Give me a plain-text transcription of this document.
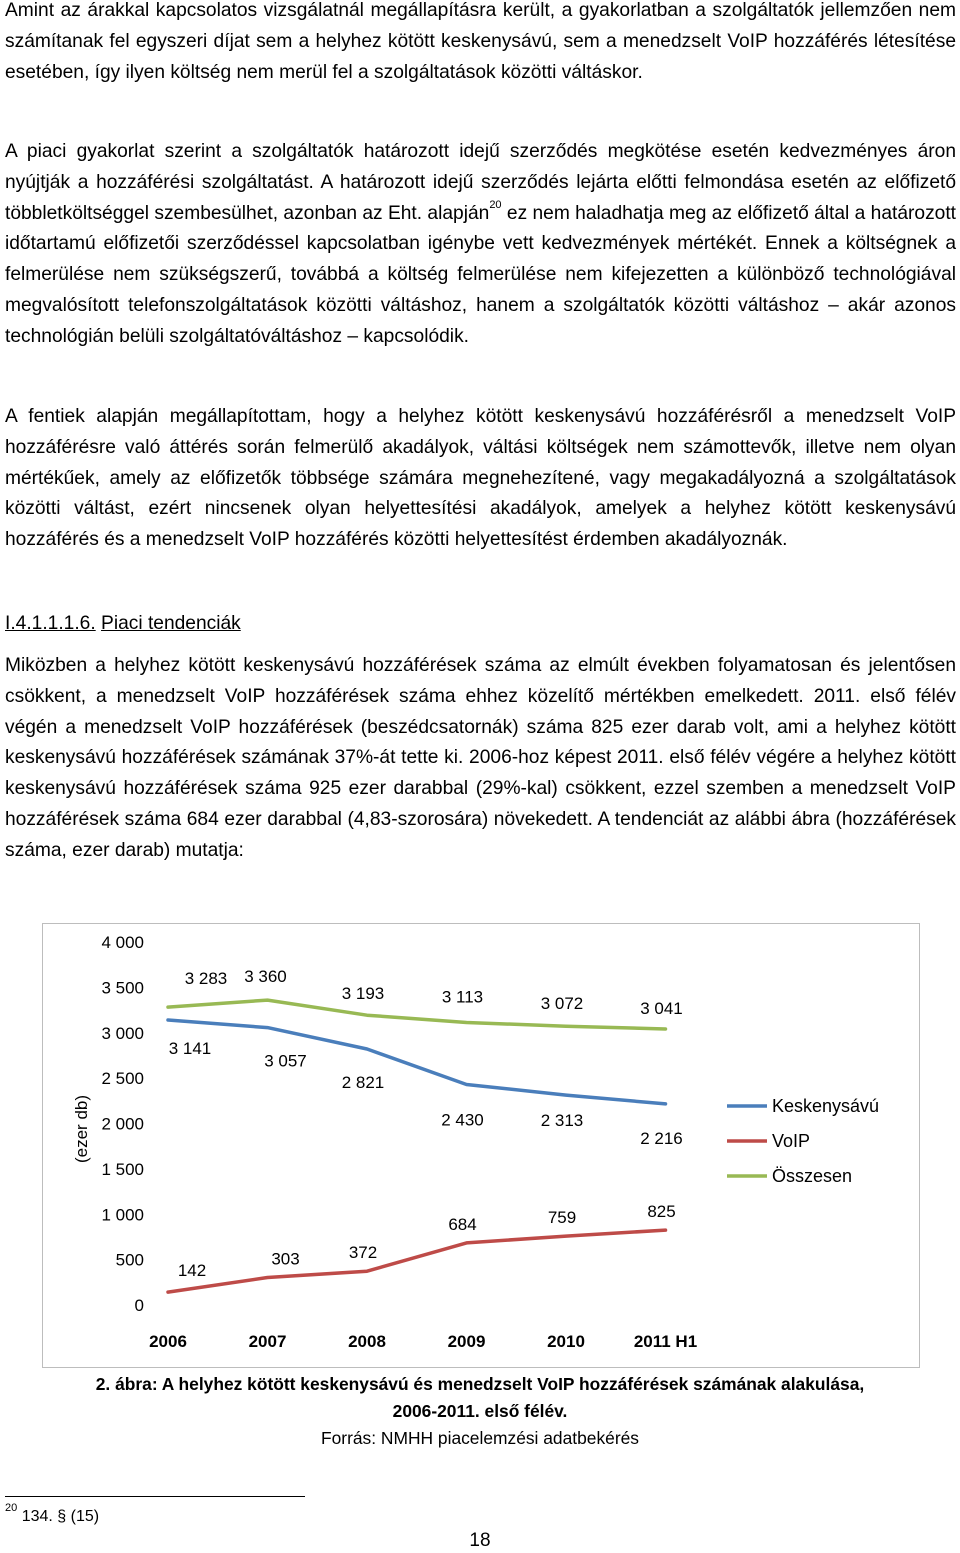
Amint az árakkal kapcsolatos vizsgálatnál megállapításra került, a gyakorlatban a szolgáltatók jellemzően nem számítanak fel egyszeri díjat sem a helyhez kötött keskenysávú, sem a menedzselt VoIP hozzáférés létesítése esetében, így ilyen költség nem merül fel a szolgáltatások közötti váltáskor.

A piaci gyakorlat szerint a szolgáltatók határozott idejű szerződés megkötése esetén kedvezményes áron nyújtják a hozzáférési szolgáltatást. A határozott idejű szerződés lejárta előtti felmondása esetén az előfizető többletköltséggel szembesülhet, azonban az Eht. alapján$^{20}$ ez nem haladhatja meg az előfizető által a határozott időtartamú előfizetői szerződéssel kapcsolatban igénybe vett kedvezmények mértékét. Ennek a költségnek a felmerülése nem szükségszerű, továbbá a költség felmerülése nem kifejezetten a különböző technológiával megvalósított telefonszolgáltatások közötti váltáshoz, hanem a szolgáltatók közötti váltáshoz – akár azonos technológián belüli szolgáltatóváltáshoz – kapcsolódik.

A fentiek alapján megállapítottam, hogy a helyhez kötött keskenysávú hozzáférésről a menedzselt VoIP hozzáférésre való áttérés során felmerülő akadályok, váltási költségek nem számottevők, illetve nem olyan mértékűek, amely az előfizetők többsége számára megnehezítené, vagy megakadályozná a szolgáltatások közötti váltást, ezért nincsenek olyan helyettesítési akadályok, amelyek a helyhez kötött keskenysávú hozzáférés és a menedzselt VoIP hozzáférés közötti helyettesítést érdemben akadályoznák.

I.4.1.1.1.6. Piaci tendenciák

Miközben a helyhez kötött keskenysávú hozzáférések száma az elmúlt években folyamatosan és jelentősen csökkent, a menedzselt VoIP hozzáférések száma ehhez közelítő mértékben emelkedett. 2011. első félév végén a menedzselt VoIP hozzáférések (beszédcsatornák) száma 825 ezer darab volt, ami a helyhez kötött keskenysávú hozzáférések számának 37%-át tette ki. 2006-hoz képest 2011. első félév végére a helyhez kötött keskenysávú hozzáférések száma 925 ezer darabbal (29%-kal) csökkent, ezzel szemben a menedzselt VoIP hozzáférések száma 684 ezer darabbal (4,83-szorosára) növekedett. A tendenciát az alábbi ábra (hozzáférések száma, ezer darab) mutatja:

(ezer db)
0
500
1 000
1 500
2 000
2 500
3 000
3 500
4 000
2006	2007	2008	2009	2010	2011 H1
3 141
3 057
2 821
2 430	2 313
2 216
142
303	372
684	759	825
3 283 3 360
3 193	3 113	3 072	3 041
Keskenysávú
VoIP
Összesen

2. ábra: A helyhez kötött keskenysávú és menedzselt VoIP hozzáférések számának alakulása,

2006-2011. első félév.

Forrás: NMHH piacelemzési adatbekérés

$^{20}$ 134. § (15)

18
